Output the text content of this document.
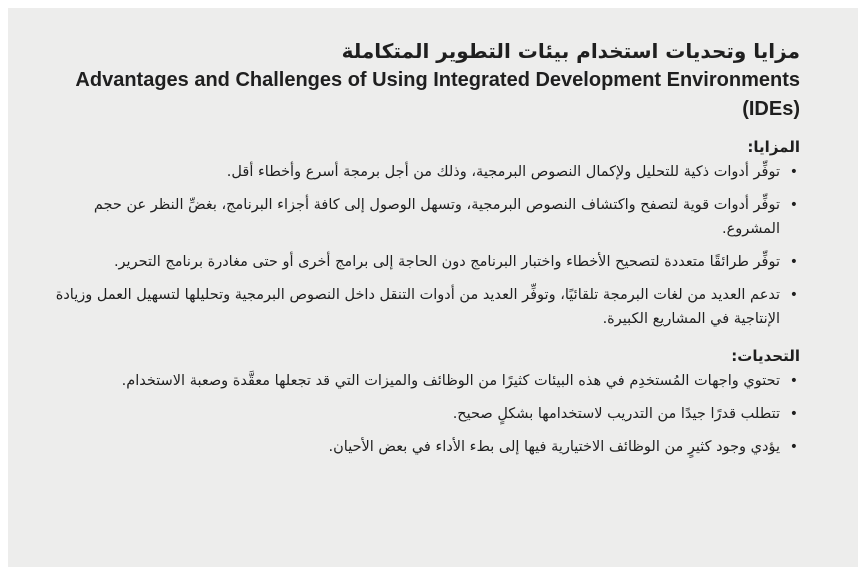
مزايا وتحديات استخدام بيئات التطوير المتكاملة
Advantages and Challenges of Using Integrated Development Environments (IDEs)
المزايا:
•
توفِّر أدوات ذكية للتحليل ولإكمال النصوص البرمجية، وذلك من أجل برمجة أسرع وأخطاء أقل.
•
توفِّر أدوات قوية لتصفح واكتشاف النصوص البرمجية، وتسهل الوصول إلى كافة أجزاء البرنامج، بغضِّ النظر عن حجم المشروع.
•
توفِّر طرائقًا متعددة لتصحيح الأخطاء واختبار البرنامج دون الحاجة إلى برامج أخرى أو حتى مغادرة برنامج التحرير.
•
تدعم العديد من لغات البرمجة تلقائيًا، وتوفِّر العديد من أدوات التنقل داخل النصوص البرمجية وتحليلها لتسهيل العمل وزيادة الإنتاجية في المشاريع الكبيرة.
التحديات:
•
تحتوي واجهات المُستخدِم في هذه البيئات كثيرًا من الوظائف والميزات التي قد تجعلها معقَّدة وصعبة الاستخدام.
•
تتطلب قدرًا جيدًا من التدريب لاستخدامها بشكلٍ صحيح.
•
يؤدي وجود كثيرٍ من الوظائف الاختيارية فيها إلى بطء الأداء في بعض الأحيان.
